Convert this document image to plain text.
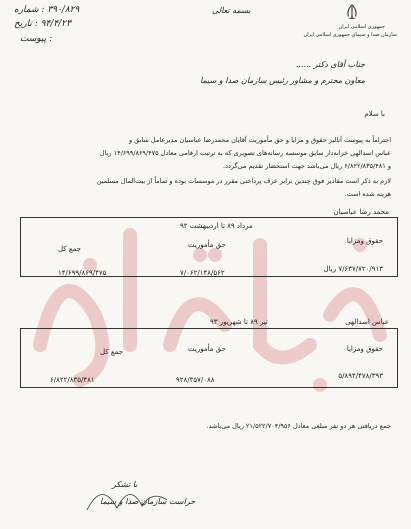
۳۹۰/۸۲۹ : شماره
۹۴/۴/۲۳ : تاریخ
: پیوست
بسمه تعالی
جمهوری اسلامی ایران
سازمان صدا و سیمای جمهوری اسلامی ایران
جناب آقای دکتر ......
معاون محترم و مشاور رئیس سازمان صدا و سیما
با سلام
احتراماً به پیوست آنالیز حقوق و مزایا و حق مأموریت آقایان محمدرضا عباسیان مدیرعامل سابق و
عباس اسدالهی خزانه‌دار سابق موسسه رسانه‌های تصویری که به ترتیب ارقامی معادل ۱۴/۶۹۹/۸۶۹/۴۷۵ ریال
و ۶/۸۲۲/۸۳۵/۴۸۱ ریال می‌باشد جهت استحضار تقدیم می‌گردد.
لازم به ذکر است مقادیر فوق چندین برابر عرف پرداختی مقرر در موسسات بوده و تماماً از بیت‌المال مسلمین
هزینه شده است.
محمد رضا عباسیان
مرداد ۸۹ تا اردیبهشت ۹۲
حقوق ومزایا
حق مأموریت
جمع کل
۷/۶۳۷/۷۲۰/۹۱۳ ریال
۷/۰۶۲/۱۴۸/۵۶۲
۱۴/۶۹۹/۸۶۹/۴۷۵
عباس اسدالهی
تیر ۸۹ تا شهریور ۹۳
حقوق ومزایا
حق مأموریت
جمع کل
۵/۸۹۴/۴۷۸/۳۹۳
۹۲۸/۳۵۷/۰۸۸
۶/۸۲۲/۸۳۵/۴۸۱
جمع دریافتی هر دو نفر مبلغی معادل ۲۱/۵۲۲/۷۰۴/۹۵۶ ریال می‌باشد.
با تشکر
حراست سازمان صدا و سیما
